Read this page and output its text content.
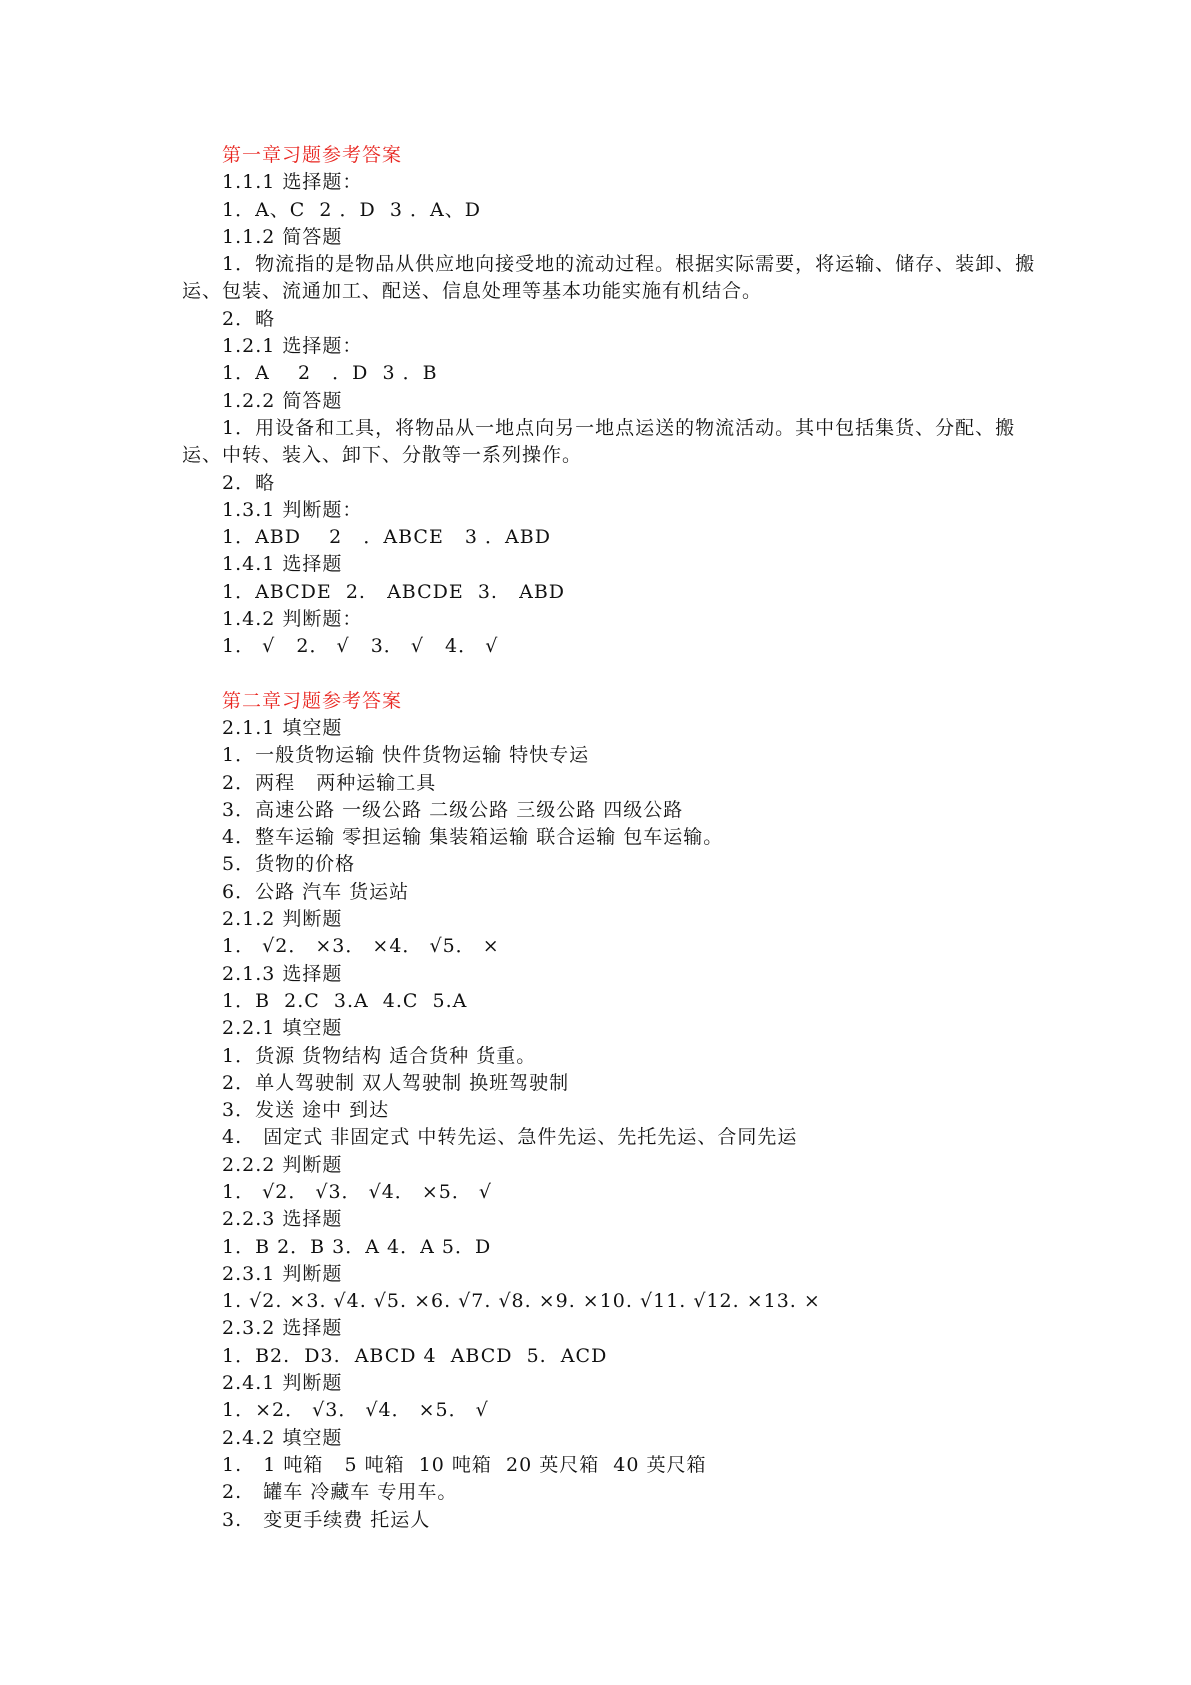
第一章习题参考答案
1.1.1 选择题：
1．A、C  2 ．D  3 ．A、D
1.1.2 简答题
1．物流指的是物品从供应地向接受地的流动过程。根据实际需要，将运输、储存、装卸、搬运、包装、流通加工、配送、信息处理等基本功能实施有机结合。
2．略
1.2.1 选择题：
1．A    2   ．D  3 ．B
1.2.2 简答题
1．用设备和工具，将物品从一地点向另一地点运送的物流活动。其中包括集货、分配、搬运、中转、装入、卸下、分散等一系列操作。
2．略
1.3.1 判断题：
1．ABD    2   ．ABCE   3 ．ABD
1.4.1 选择题
1．ABCDE  2.   ABCDE  3.   ABD
1.4.2 判断题：
1． √   2． √   3． √   4． √
第二章习题参考答案
2.1.1 填空题
1．一般货物运输 快件货物运输 特快专运
2．两程   两种运输工具
3．高速公路 一级公路 二级公路 三级公路 四级公路
4．整车运输 零担运输 集装箱运输 联合运输 包车运输。
5．货物的价格
6．公路 汽车 货运站
2.1.2 判断题
1． √2． ×3． ×4． √5． ×
2.1.3 选择题
1．B  2.C  3.A  4.C  5.A
2.2.1 填空题
1．货源 货物结构 适合货种 货重。
2．单人驾驶制 双人驾驶制 换班驾驶制
3．发送 途中 到达
4.   固定式 非固定式 中转先运、急件先运、先托先运、合同先运
2.2.2 判断题
1． √2． √3． √4． ×5． √
2.2.3 选择题
1．B 2．B 3．A 4．A 5．D
2.3.1 判断题
1. √2. ×3. √4. √5. ×6. √7. √8. ×9. ×10. √11. √12. ×13. ×
2.3.2 选择题
1．B2.  D3.  ABCD 4  ABCD  5.  ACD
2.4.1 判断题
1．×2． √3． √4． ×5． √
2.4.2 填空题
1.   1 吨箱   5 吨箱  10 吨箱  20 英尺箱  40 英尺箱
2.   罐车 冷藏车 专用车。
3.   变更手续费 托运人
